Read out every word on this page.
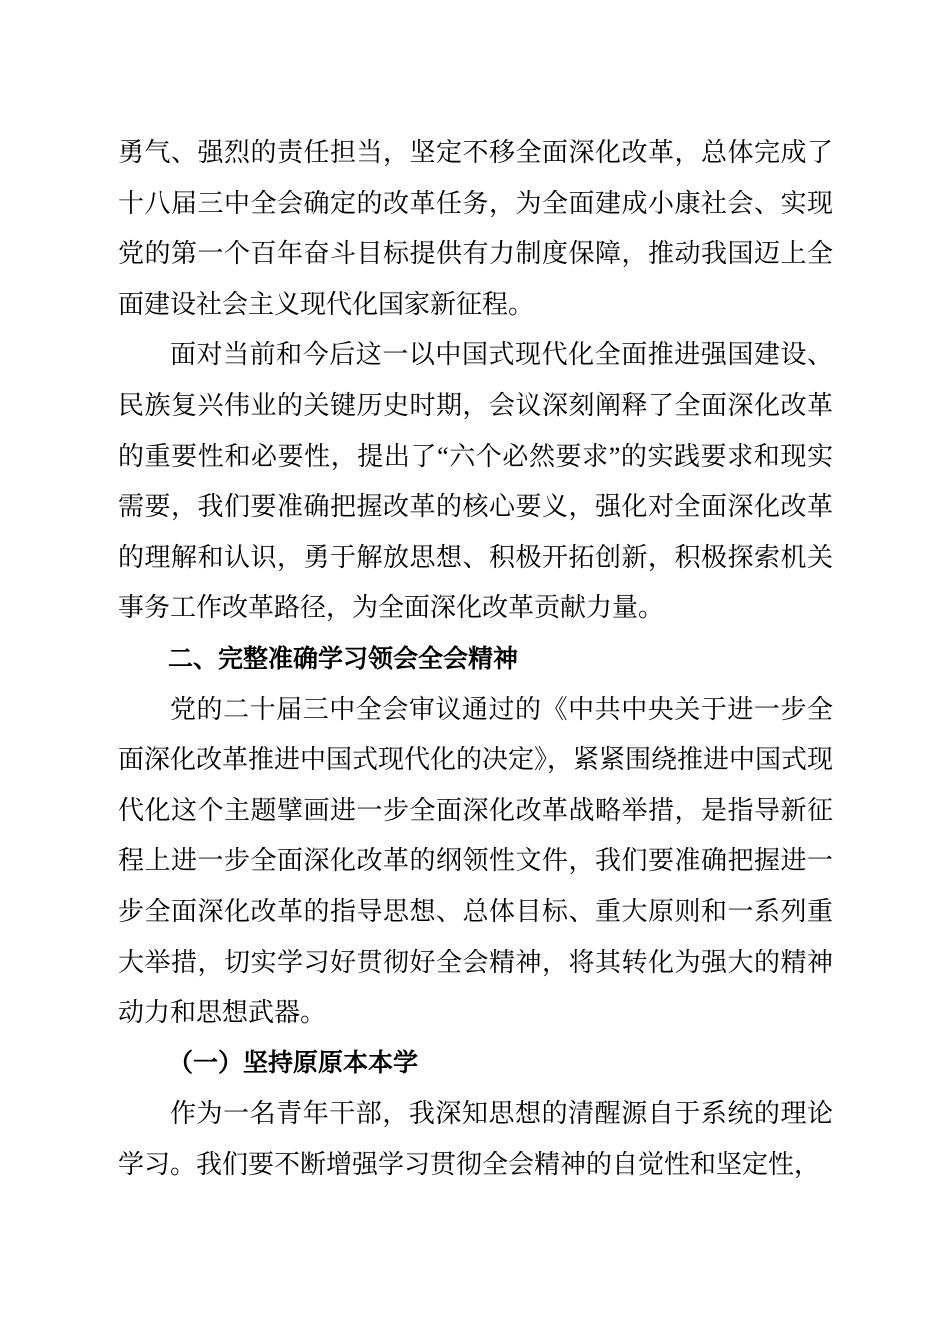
勇气、强烈的责任担当，坚定不移全面深化改革，总体完成了十八届三中全会确定的改革任务，为全面建成小康社会、实现党的第一个百年奋斗目标提供有力制度保障，推动我国迈上全面建设社会主义现代化国家新征程。

面对当前和今后这一以中国式现代化全面推进强国建设、民族复兴伟业的关键历史时期，会议深刻阐释了全面深化改革的重要性和必要性，提出了“六个必然要求”的实践要求和现实需要，我们要准确把握改革的核心要义，强化对全面深化改革的理解和认识，勇于解放思想、积极开拓创新，积极探索机关事务工作改革路径，为全面深化改革贡献力量。

二、完整准确学习领会全会精神

党的二十届三中全会审议通过的《中共中央关于进一步全面深化改革推进中国式现代化的决定》，紧紧围绕推进中国式现代化这个主题擘画进一步全面深化改革战略举措，是指导新征程上进一步全面深化改革的纲领性文件，我们要准确把握进一步全面深化改革的指导思想、总体目标、重大原则和一系列重大举措，切实学习好贯彻好全会精神，将其转化为强大的精神动力和思想武器。

（一）坚持原原本本学

作为一名青年干部，我深知思想的清醒源自于系统的理论学习。我们要不断增强学习贯彻全会精神的自觉性和坚定性，
